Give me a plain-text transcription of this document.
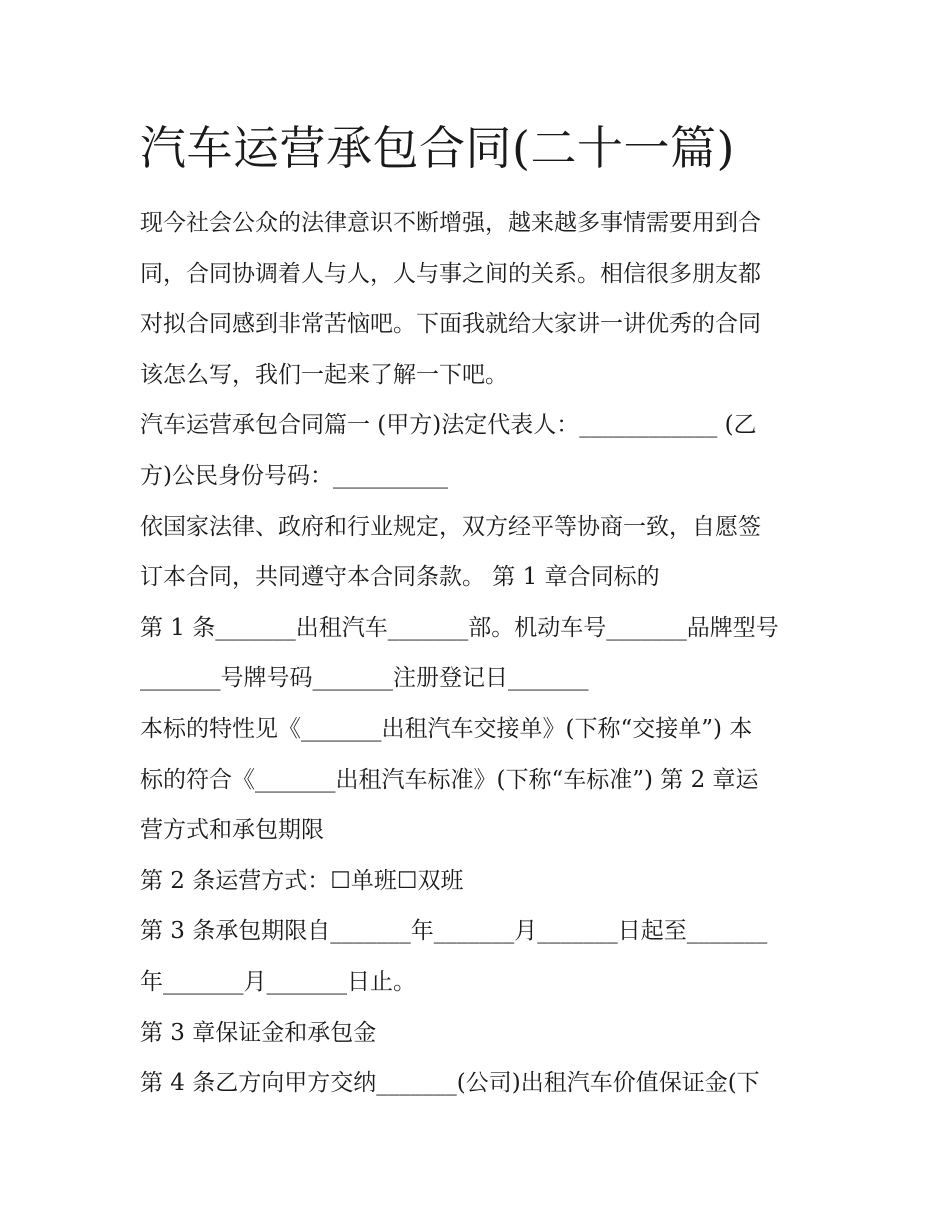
汽车运营承包合同(二十一篇)

现今社会公众的法律意识不断增强，越来越多事情需要用到合

同，合同协调着人与人，人与事之间的关系。相信很多朋友都

对拟合同感到非常苦恼吧。下面我就给大家讲一讲优秀的合同

该怎么写，我们一起来了解一下吧。

汽车运营承包合同篇一 (甲方)法定代表人：____________ (乙

方)公民身份号码：__________

依国家法律、政府和行业规定，双方经平等协商一致，自愿签

订本合同，共同遵守本合同条款。 第 1 章合同标的

第 1 条_______出租汽车_______部。机动车号_______品牌型号

_______号牌号码_______注册登记日_______

本标的特性见《_______出租汽车交接单》(下称“交接单”) 本

标的符合《_______出租汽车标准》(下称“车标准”) 第 2 章运

营方式和承包期限

第 2 条运营方式：☐单班☐双班

第 3 条承包期限自_______年_______月_______日起至_______

年_______月_______日止。

第 3 章保证金和承包金

第 4 条乙方向甲方交纳_______(公司)出租汽车价值保证金(下
